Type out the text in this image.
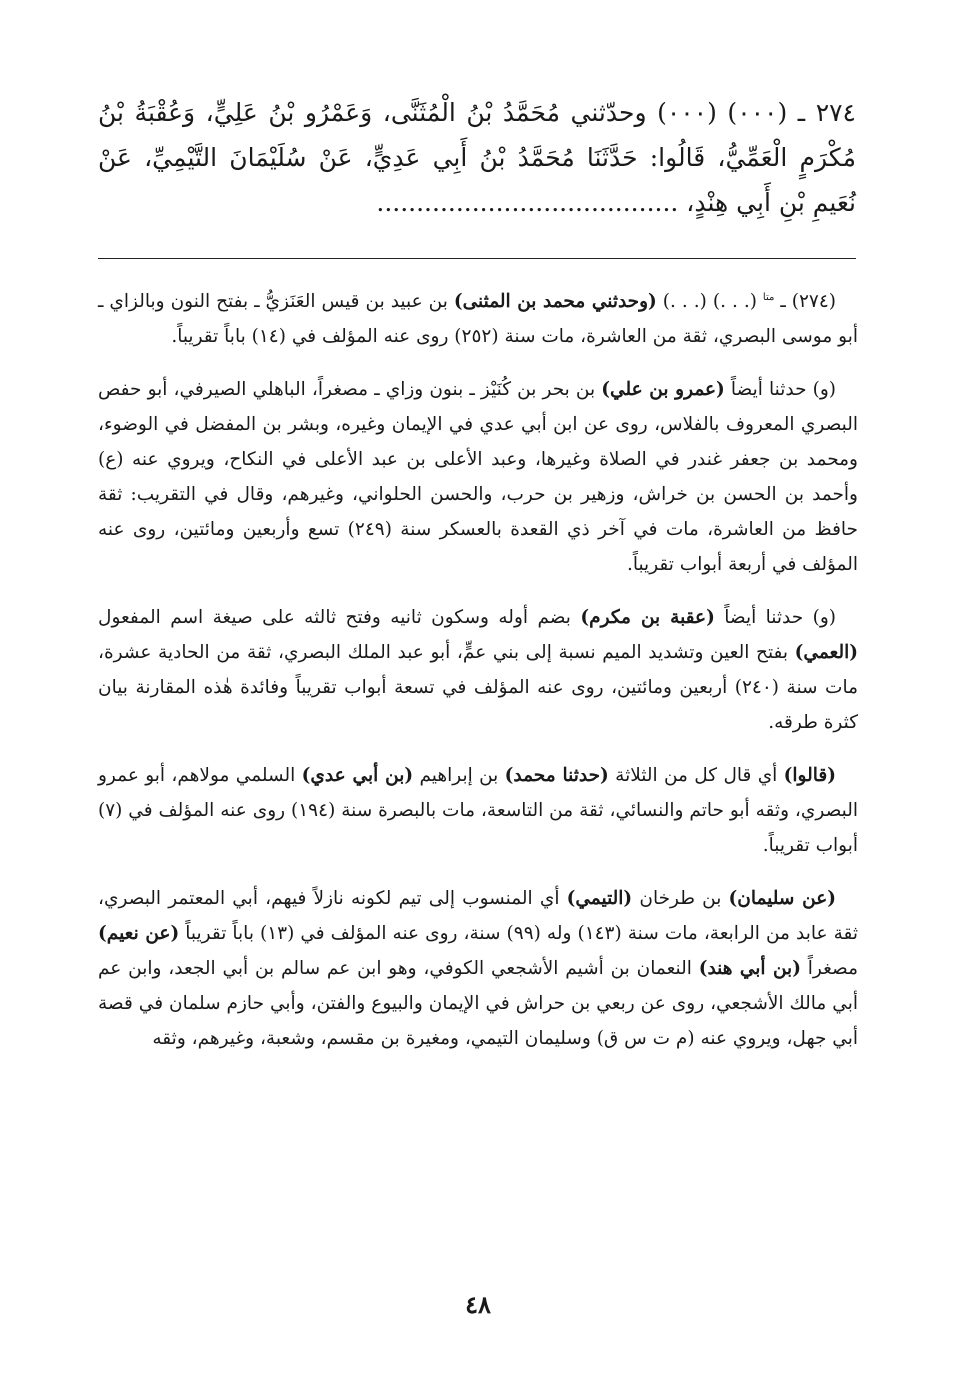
٢٧٤ ـ (٠٠٠) (٠٠٠) وحدّثني مُحَمَّدُ بْنُ الْمُثَنَّى، وَعَمْرُو بْنُ عَلِيٍّ، وَعُقْبَةُ بْنُ مُكْرَمٍ الْعَمِّيُّ، قَالُوا: حَدَّثَنَا مُحَمَّدُ بْنُ أَبِي عَدِيٍّ، عَنْ سُلَيْمَانَ التَّيْمِيِّ، عَنْ نُعَيمِ بْنِ أَبِي هِنْدٍ، ......................................

(٢٧٤) ـ $^{متا}$ (. . .) (. . .) (وحدثني محمد بن المثنى) بن عبيد بن قيس العَنَزيُّ ـ بفتح النون وبالزاي ـ أبو موسى البصري، ثقة من العاشرة، مات سنة (٢٥٢) روى عنه المؤلف في (١٤) باباً تقريباً.

(و) حدثنا أيضاً (عمرو بن علي) بن بحر بن كُنَيْز ـ بنون وزاي ـ مصغراً، الباهلي الصيرفي، أبو حفص البصري المعروف بالفلاس، روى عن ابن أبي عدي في الإيمان وغيره، وبشر بن المفضل في الوضوء، ومحمد بن جعفر غندر في الصلاة وغيرها، وعبد الأعلى بن عبد الأعلى في النكاح، ويروي عنه (ع) وأحمد بن الحسن بن خراش، وزهير بن حرب، والحسن الحلواني، وغيرهم، وقال في التقريب: ثقة حافظ من العاشرة، مات في آخر ذي القعدة بالعسكر سنة (٢٤٩) تسع وأربعين ومائتين، روى عنه المؤلف في أربعة أبواب تقريباً.

(و) حدثنا أيضاً (عقبة بن مكرم) بضم أوله وسكون ثانيه وفتح ثالثه على صيغة اسم المفعول (العمي) بفتح العين وتشديد الميم نسبة إلى بني عمٍّ، أبو عبد الملك البصري، ثقة من الحادية عشرة، مات سنة (٢٤٠) أربعين ومائتين، روى عنه المؤلف في تسعة أبواب تقريباً وفائدة هٰذه المقارنة بيان كثرة طرقه.

(قالوا) أي قال كل من الثلاثة (حدثنا محمد) بن إبراهيم (بن أبي عدي) السلمي مولاهم، أبو عمرو البصري، وثقه أبو حاتم والنسائي، ثقة من التاسعة، مات بالبصرة سنة (١٩٤) روى عنه المؤلف في (٧) أبواب تقريباً.

(عن سليمان) بن طرخان (التيمي) أي المنسوب إلى تيم لكونه نازلاً فيهم، أبي المعتمر البصري، ثقة عابد من الرابعة، مات سنة (١٤٣) وله (٩٩) سنة، روى عنه المؤلف في (١٣) باباً تقريباً (عن نعيم) مصغراً (بن أبي هند) النعمان بن أشيم الأشجعي الكوفي، وهو ابن عم سالم بن أبي الجعد، وابن عم أبي مالك الأشجعي، روى عن ربعي بن حراش في الإيمان والبيوع والفتن، وأبي حازم سلمان في قصة أبي جهل، ويروي عنه (م ت س ق) وسليمان التيمي، ومغيرة بن مقسم، وشعبة، وغيرهم، وثقه

٤٨
